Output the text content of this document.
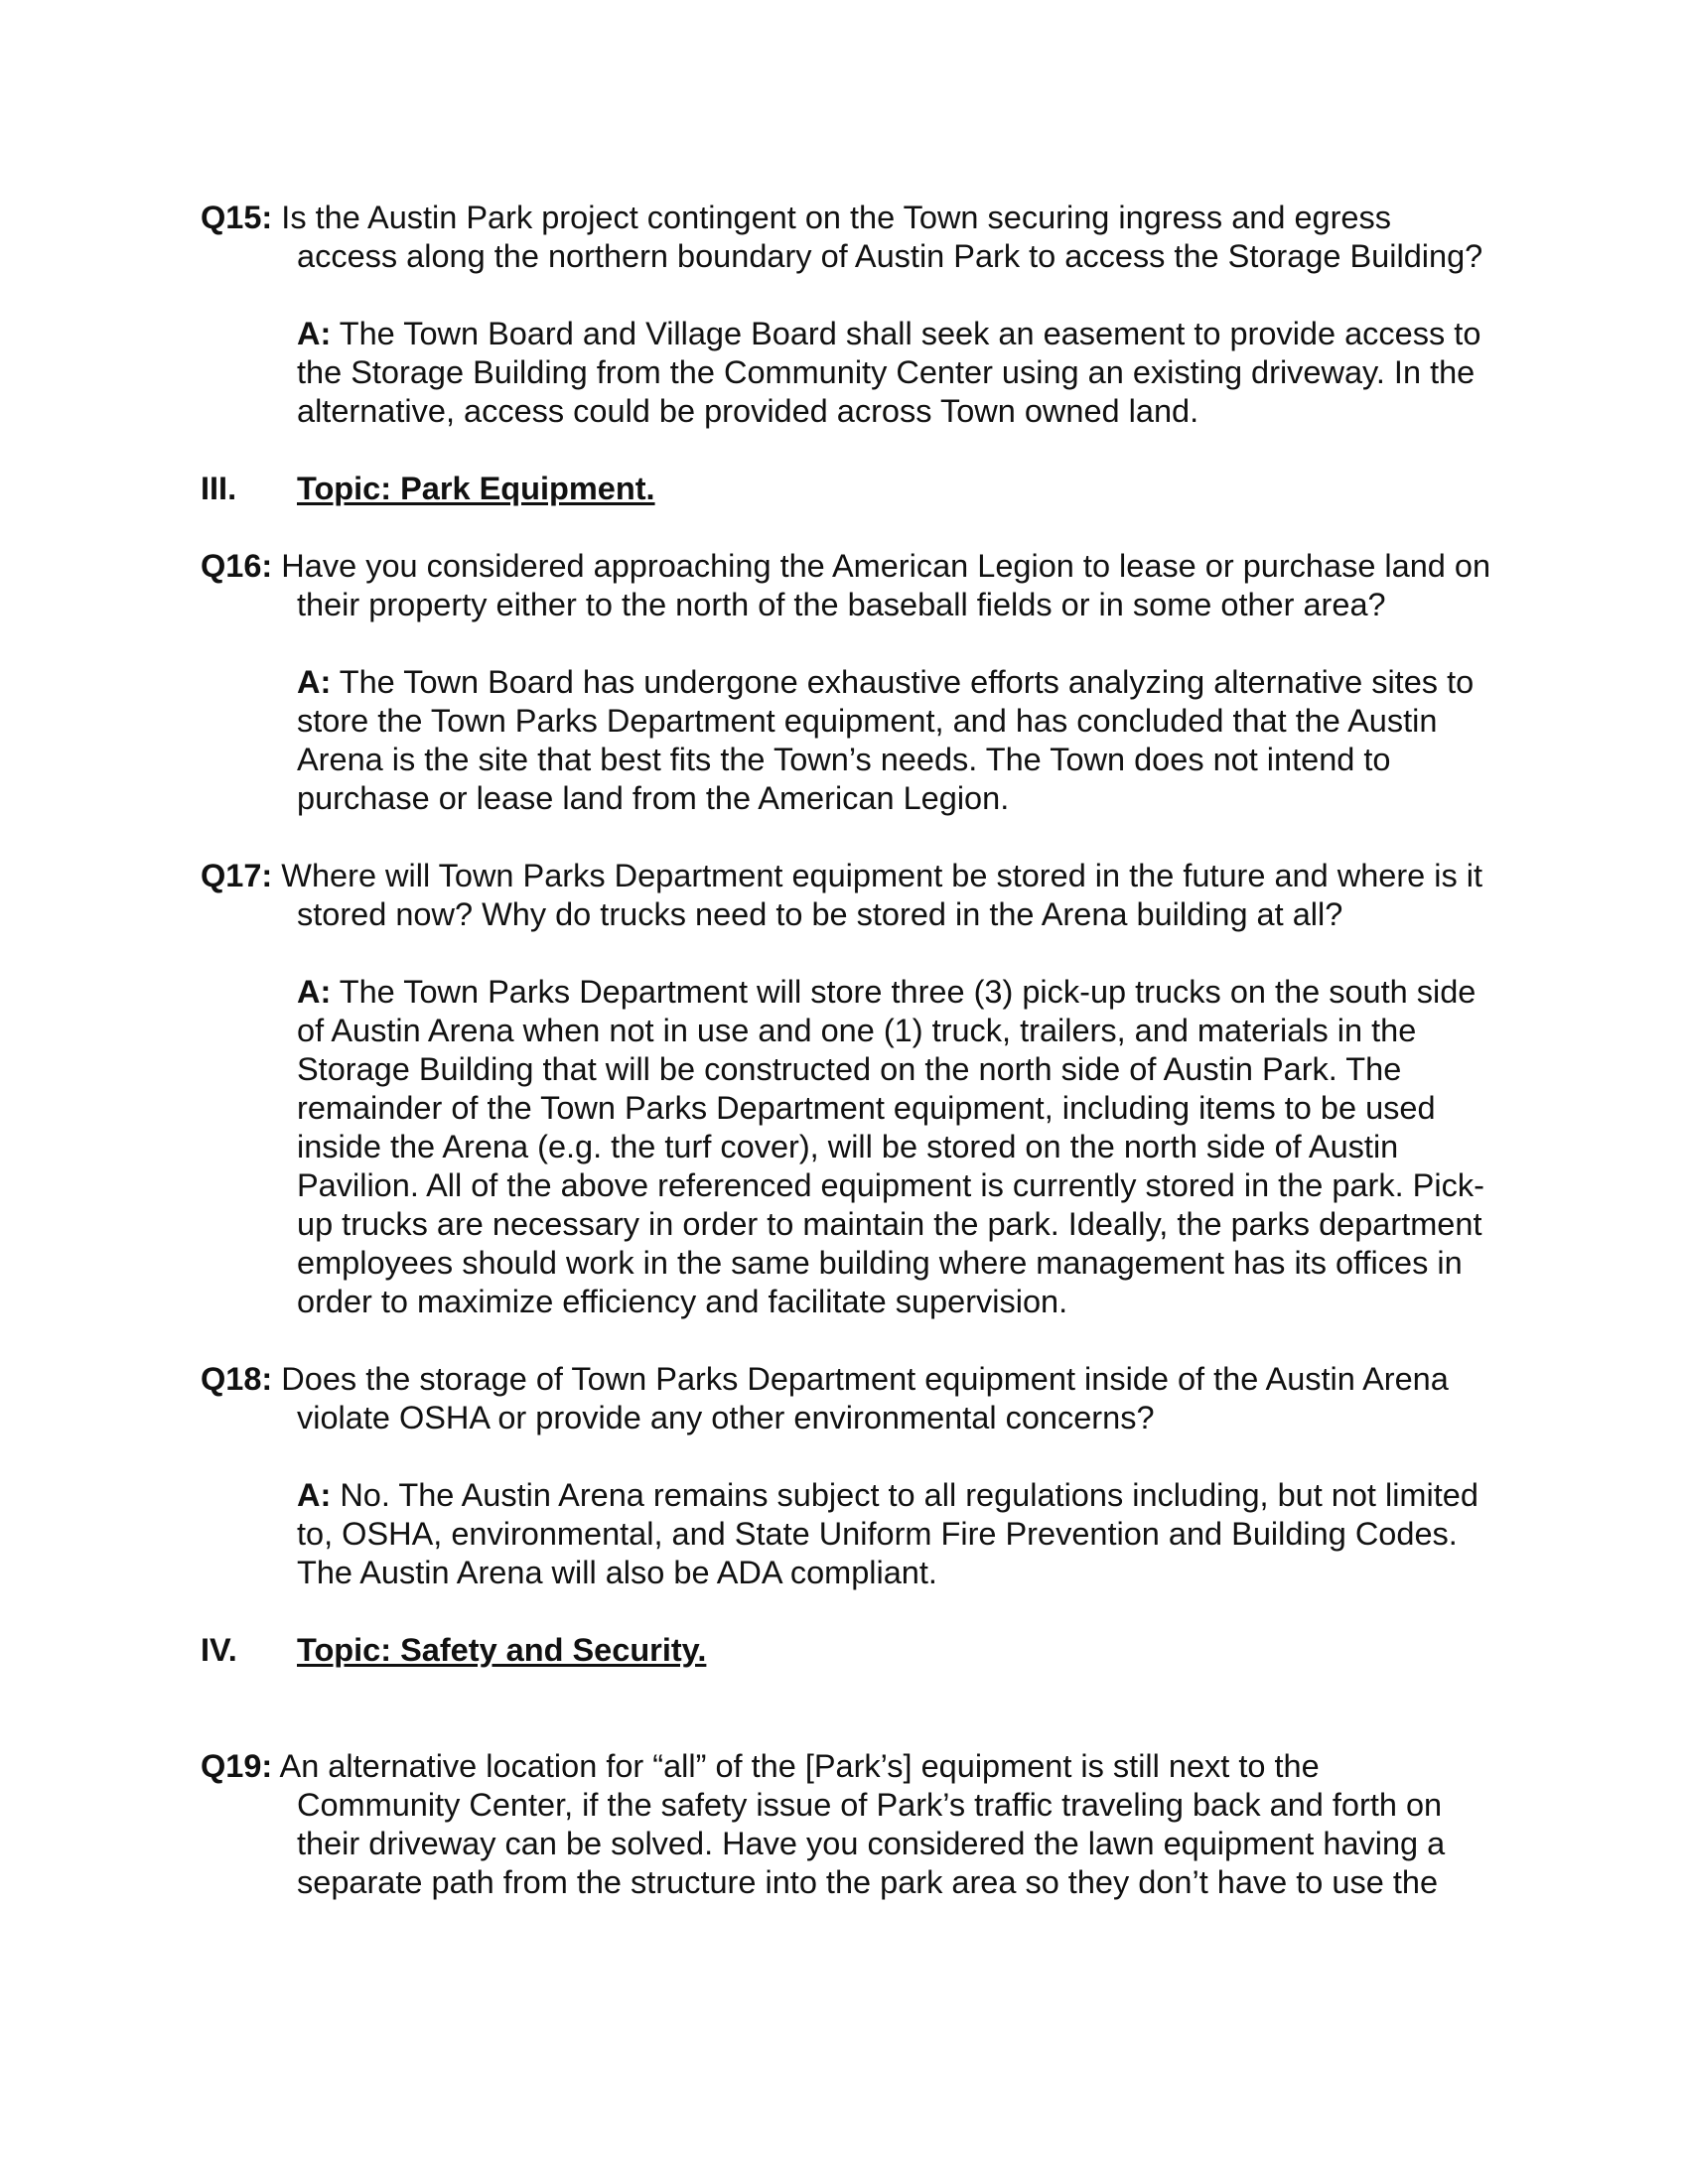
Q15: Is the Austin Park project contingent on the Town securing ingress and egress access along the northern boundary of Austin Park to access the Storage Building?

A: The Town Board and Village Board shall seek an easement to provide access to the Storage Building from the Community Center using an existing driveway. In the alternative, access could be provided across Town owned land.

III.	Topic: Park Equipment.

Q16: Have you considered approaching the American Legion to lease or purchase land on their property either to the north of the baseball fields or in some other area?

A: The Town Board has undergone exhaustive efforts analyzing alternative sites to store the Town Parks Department equipment, and has concluded that the Austin Arena is the site that best fits the Town’s needs. The Town does not intend to purchase or lease land from the American Legion.

Q17: Where will Town Parks Department equipment be stored in the future and where is it stored now? Why do trucks need to be stored in the Arena building at all?

A: The Town Parks Department will store three (3) pick-up trucks on the south side of Austin Arena when not in use and one (1) truck, trailers, and materials in the Storage Building that will be constructed on the north side of Austin Park. The remainder of the Town Parks Department equipment, including items to be used inside the Arena (e.g. the turf cover), will be stored on the north side of Austin Pavilion. All of the above referenced equipment is currently stored in the park. Pick-up trucks are necessary in order to maintain the park. Ideally, the parks department employees should work in the same building where management has its offices in order to maximize efficiency and facilitate supervision.

Q18: Does the storage of Town Parks Department equipment inside of the Austin Arena violate OSHA or provide any other environmental concerns?

A: No. The Austin Arena remains subject to all regulations including, but not limited to, OSHA, environmental, and State Uniform Fire Prevention and Building Codes. The Austin Arena will also be ADA compliant.

IV.	Topic: Safety and Security.

Q19: An alternative location for “all” of the [Park’s] equipment is still next to the Community Center, if the safety issue of Park’s traffic traveling back and forth on their driveway can be solved. Have you considered the lawn equipment having a separate path from the structure into the park area so they don’t have to use the
